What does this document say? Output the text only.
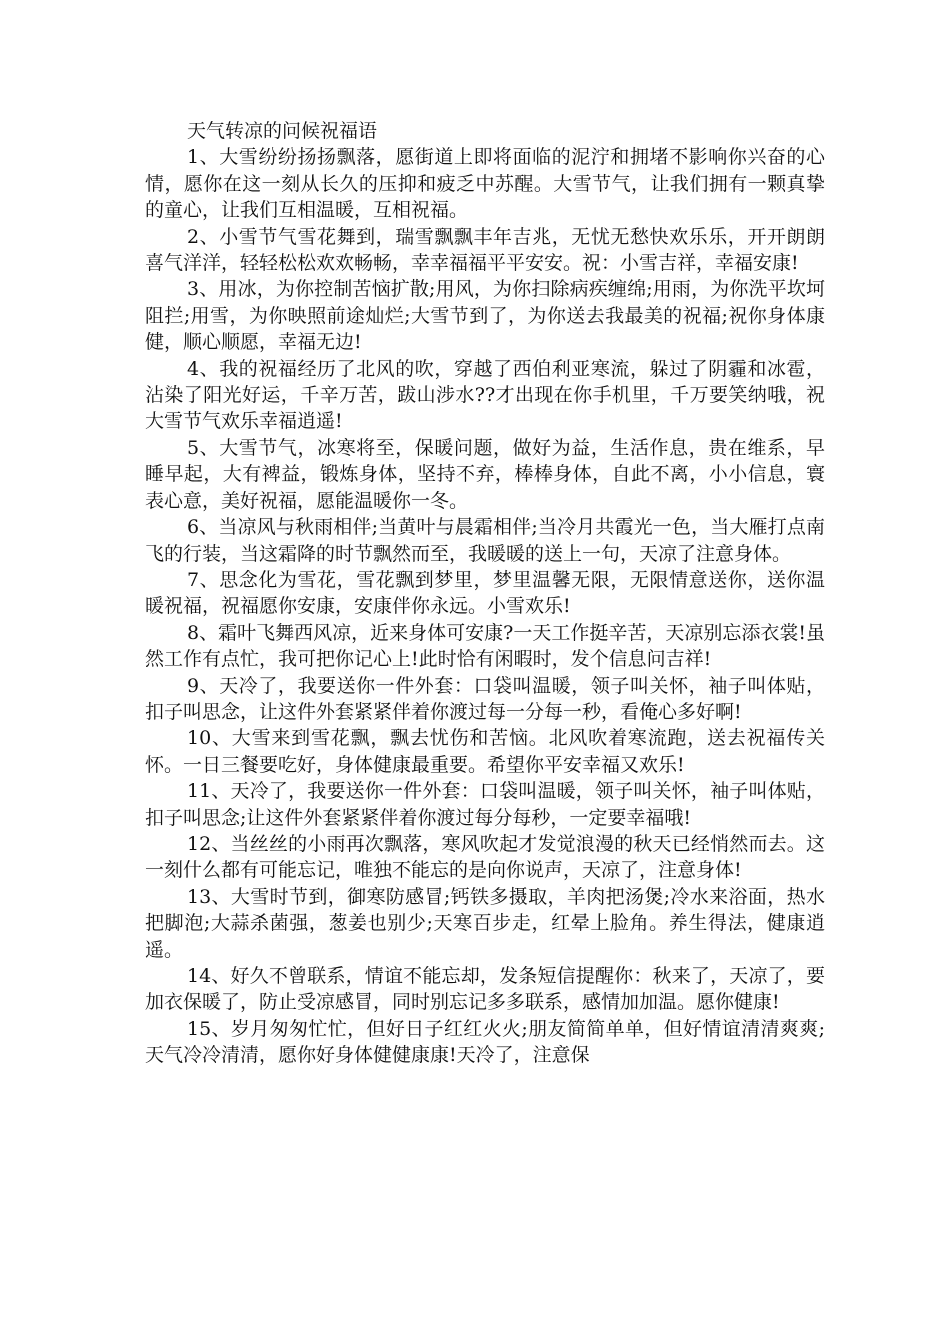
天气转凉的问候祝福语

1、大雪纷纷扬扬飘落，愿街道上即将面临的泥泞和拥堵不影响你兴奋的心情，愿你在这一刻从长久的压抑和疲乏中苏醒。大雪节气，让我们拥有一颗真挚的童心，让我们互相温暖，互相祝福。

2、小雪节气雪花舞到，瑞雪飘飘丰年吉兆，无忧无愁快欢乐乐，开开朗朗喜气洋洋，轻轻松松欢欢畅畅，幸幸福福平平安安。祝：小雪吉祥，幸福安康!

3、用冰，为你控制苦恼扩散;用风，为你扫除病疾缠绵;用雨，为你洗平坎坷阻拦;用雪，为你映照前途灿烂;大雪节到了，为你送去我最美的祝福;祝你身体康健，顺心顺愿，幸福无边!

4、我的祝福经历了北风的吹，穿越了西伯利亚寒流，躲过了阴霾和冰雹，沾染了阳光好运，千辛万苦，跋山涉水??才出现在你手机里，千万要笑纳哦，祝大雪节气欢乐幸福逍遥!

5、大雪节气，冰寒将至，保暖问题，做好为益，生活作息，贵在维系，早睡早起，大有裨益，锻炼身体，坚持不弃，棒棒身体，自此不离，小小信息，寰表心意，美好祝福，愿能温暖你一冬。

6、当凉风与秋雨相伴;当黄叶与晨霜相伴;当冷月共霞光一色，当大雁打点南飞的行装，当这霜降的时节飘然而至，我暖暖的送上一句，天凉了注意身体。

7、思念化为雪花，雪花飘到梦里，梦里温馨无限，无限情意送你，送你温暖祝福，祝福愿你安康，安康伴你永远。小雪欢乐!

8、霜叶飞舞西风凉，近来身体可安康?一天工作挺辛苦，天凉别忘添衣裳!虽然工作有点忙，我可把你记心上!此时恰有闲暇时，发个信息问吉祥!

9、天冷了，我要送你一件外套：口袋叫温暖，领子叫关怀，袖子叫体贴，扣子叫思念，让这件外套紧紧伴着你渡过每一分每一秒，看俺心多好啊!

10、大雪来到雪花飘，飘去忧伤和苦恼。北风吹着寒流跑，送去祝福传关怀。一日三餐要吃好，身体健康最重要。希望你平安幸福又欢乐!

11、天冷了，我要送你一件外套：口袋叫温暖，领子叫关怀，袖子叫体贴，扣子叫思念;让这件外套紧紧伴着你渡过每分每秒，一定要幸福哦!

12、当丝丝的小雨再次飘落，寒风吹起才发觉浪漫的秋天已经悄然而去。这一刻什么都有可能忘记，唯独不能忘的是向你说声，天凉了，注意身体!

13、大雪时节到，御寒防感冒;钙铁多摄取，羊肉把汤煲;冷水来浴面，热水把脚泡;大蒜杀菌强，葱姜也别少;天寒百步走，红晕上脸角。养生得法，健康逍遥。

14、好久不曾联系，情谊不能忘却，发条短信提醒你：秋来了，天凉了，要加衣保暖了，防止受凉感冒，同时别忘记多多联系，感情加加温。愿你健康!

15、岁月匆匆忙忙，但好日子红红火火;朋友简简单单，但好情谊清清爽爽;天气冷冷清清，愿你好身体健健康康!天冷了，注意保
